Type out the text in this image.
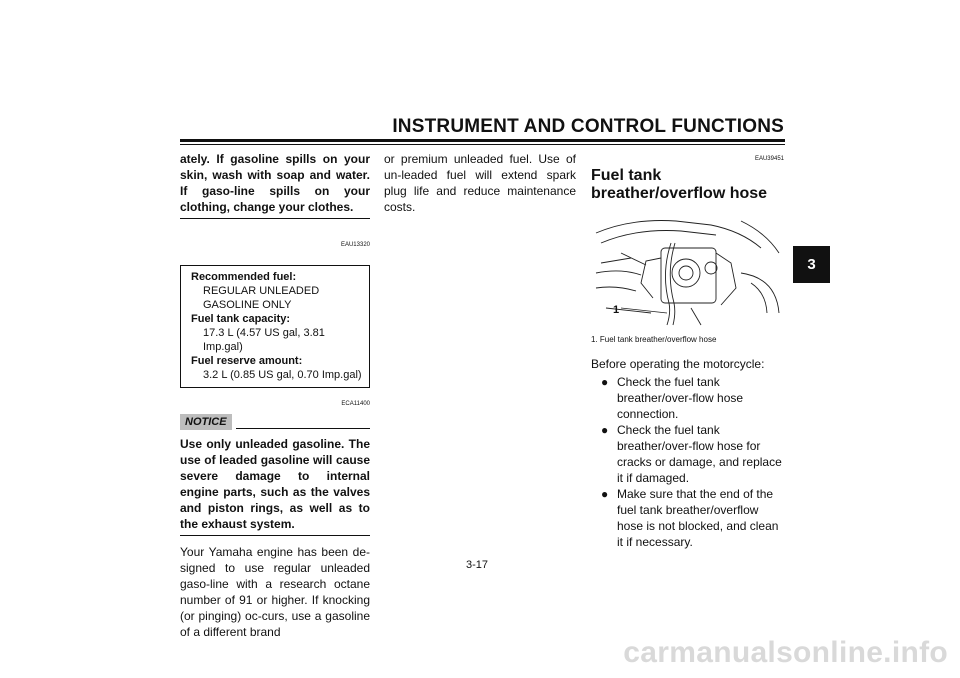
INSTRUMENT AND CONTROL FUNCTIONS
3
ately. If gasoline spills on your skin, wash with soap and water. If gaso-line spills on your clothing, change your clothes.
EAU13320
Recommended fuel:
REGULAR UNLEADED GASOLINE ONLY
Fuel tank capacity:
17.3 L (4.57 US gal, 3.81 Imp.gal)
Fuel reserve amount:
3.2 L (0.85 US gal, 0.70 Imp.gal)
ECA11400
NOTICE
Use only unleaded gasoline. The use of leaded gasoline will cause severe damage to internal engine parts, such as the valves and piston rings, as well as to the exhaust system.
Your Yamaha engine has been de-signed to use regular unleaded gaso-line with a research octane number of 91 or higher. If knocking (or pinging) oc-curs, use a gasoline of a different brand
or premium unleaded fuel. Use of un-leaded fuel will extend spark plug life and reduce maintenance costs.
EAU39451
Fuel tank breather/overflow hose
1
1. Fuel tank breather/overflow hose
Before operating the motorcycle:
● Check the fuel tank breather/over-flow hose connection.
● Check the fuel tank breather/over-flow hose for cracks or damage, and replace it if damaged.
● Make sure that the end of the fuel tank breather/overflow hose is not blocked, and clean it if necessary.
3-17
carmanualsonline.info
